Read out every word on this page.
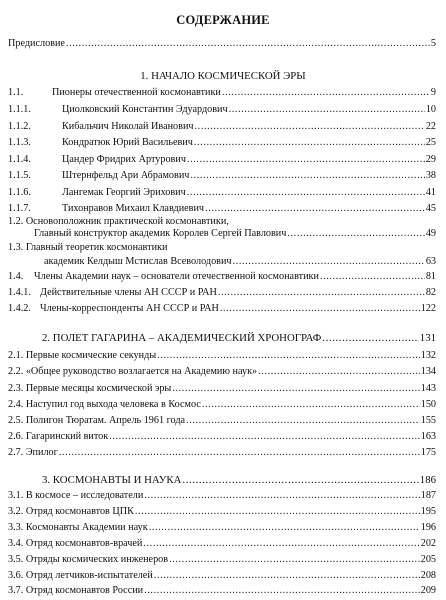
СОДЕРЖАНИЕ
Предисловие .....	5
1. НАЧАЛО КОСМИЧЕСКОЙ ЭРЫ
1.1.	Пионеры отечественной космонавтики .....	9
1.1.1.	Циолковский Константин Эдуардович .....	10
1.1.2.	Кибальчич Николай Иванович .....	22
1.1.3.	Кондратюк Юрий Васильевич .....	25
1.1.4.	Цандер Фридрих Артурович .....	29
1.1.5.	Штернфельд Ари Абрамович .....	38
1.1.6.	Лангемак Георгий Эрихович .....	41
1.1.7.	Тихонравов Михаил Клавдиевич .....	45
1.2. Основоположник практической космонавтики,
Главный конструктор академик Королев Сергей Павлович .....	49
1.3. Главный теоретик космонавтики
академик Келдыш Мстислав Всеволодович .....	63
1.4.	Члены Академии наук – основатели отечественной космонавтики .....	81
1.4.1. Действительные члены АН СССР и РАН .....	82
1.4.2. Члены-корреспонденты АН СССР и РАН .....	122
2. ПОЛЕТ ГАГАРИНА – АКАДЕМИЧЕСКИЙ ХРОНОГРАФ .....	131
2.1. Первые космические секунды .....	132
2.2. «Общее руководство возлагается на Академию наук» .....	134
2.3. Первые месяцы космической эры .....	143
2.4. Наступил год выхода человека в Космос .....	150
2.5. Полигон Тюратам. Апрель 1961 года .....	155
2.6. Гагаринский виток .....	163
2.7. Эпилог .....	175
3. КОСМОНАВТЫ И НАУКА .....	186
3.1. В космосе – исследователи .....	187
3.2. Отряд космонавтов ЦПК .....	195
3.3. Космонавты Академии наук .....	196
3.4. Отряд космонавтов-врачей .....	202
3.5. Отряды космических инженеров .....	205
3.6. Отряд летчиков-испытателей .....	208
3.7. Отряд космонавтов России .....	209
